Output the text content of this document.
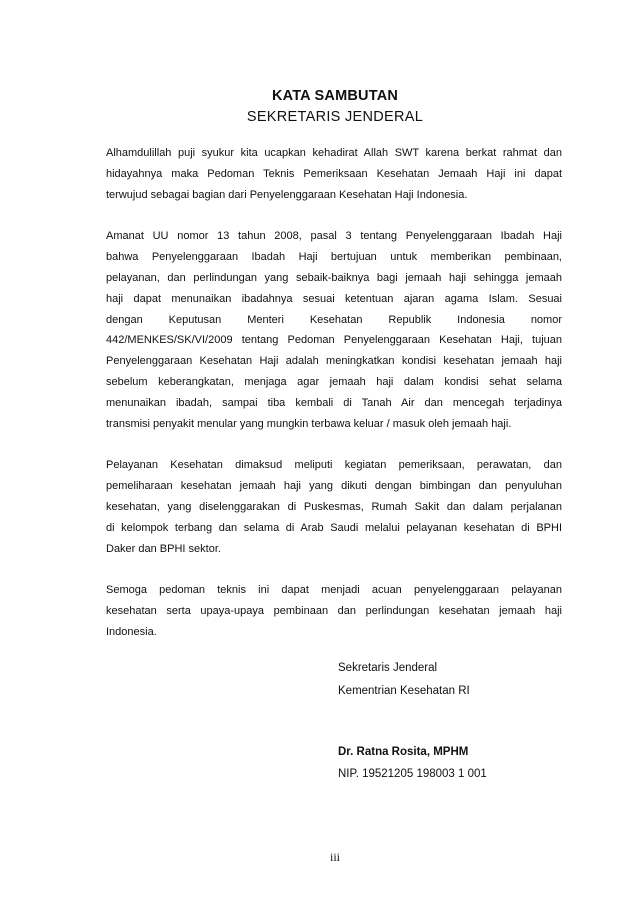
KATA SAMBUTAN
SEKRETARIS JENDERAL
Alhamdulillah puji syukur kita ucapkan kehadirat Allah SWT karena berkat rahmat dan
hidayahnya maka Pedoman Teknis Pemeriksaan Kesehatan Jemaah Haji ini dapat
terwujud sebagai bagian dari Penyelenggaraan Kesehatan Haji Indonesia.
Amanat UU nomor 13 tahun 2008, pasal 3 tentang Penyelenggaraan Ibadah Haji
bahwa Penyelenggaraan Ibadah Haji bertujuan untuk memberikan pembinaan,
pelayanan, dan perlindungan yang sebaik-baiknya bagi jemaah haji sehingga jemaah
haji dapat menunaikan ibadahnya sesuai ketentuan ajaran agama Islam. Sesuai
dengan Keputusan Menteri Kesehatan Republik Indonesia nomor
442/MENKES/SK/VI/2009 tentang Pedoman Penyelenggaraan Kesehatan Haji, tujuan
Penyelenggaraan Kesehatan Haji adalah meningkatkan kondisi kesehatan jemaah haji
sebelum keberangkatan, menjaga agar jemaah haji dalam kondisi sehat selama
menunaikan ibadah, sampai tiba kembali di Tanah Air dan mencegah terjadinya
transmisi penyakit menular yang mungkin terbawa keluar / masuk oleh jemaah haji.
Pelayanan Kesehatan dimaksud meliputi kegiatan pemeriksaan, perawatan, dan
pemeliharaan kesehatan jemaah haji yang dikuti dengan bimbingan dan penyuluhan
kesehatan, yang diselenggarakan di Puskesmas, Rumah Sakit dan dalam perjalanan
di kelompok terbang dan selama di Arab Saudi melalui pelayanan kesehatan di BPHI
Daker dan BPHI sektor.
Semoga pedoman teknis ini dapat menjadi acuan penyelenggaraan pelayanan
kesehatan serta upaya-upaya pembinaan dan perlindungan kesehatan jemaah haji
Indonesia.
Sekretaris Jenderal
Kementrian Kesehatan RI
Dr. Ratna Rosita, MPHM
NIP. 19521205 198003 1 001
iii
